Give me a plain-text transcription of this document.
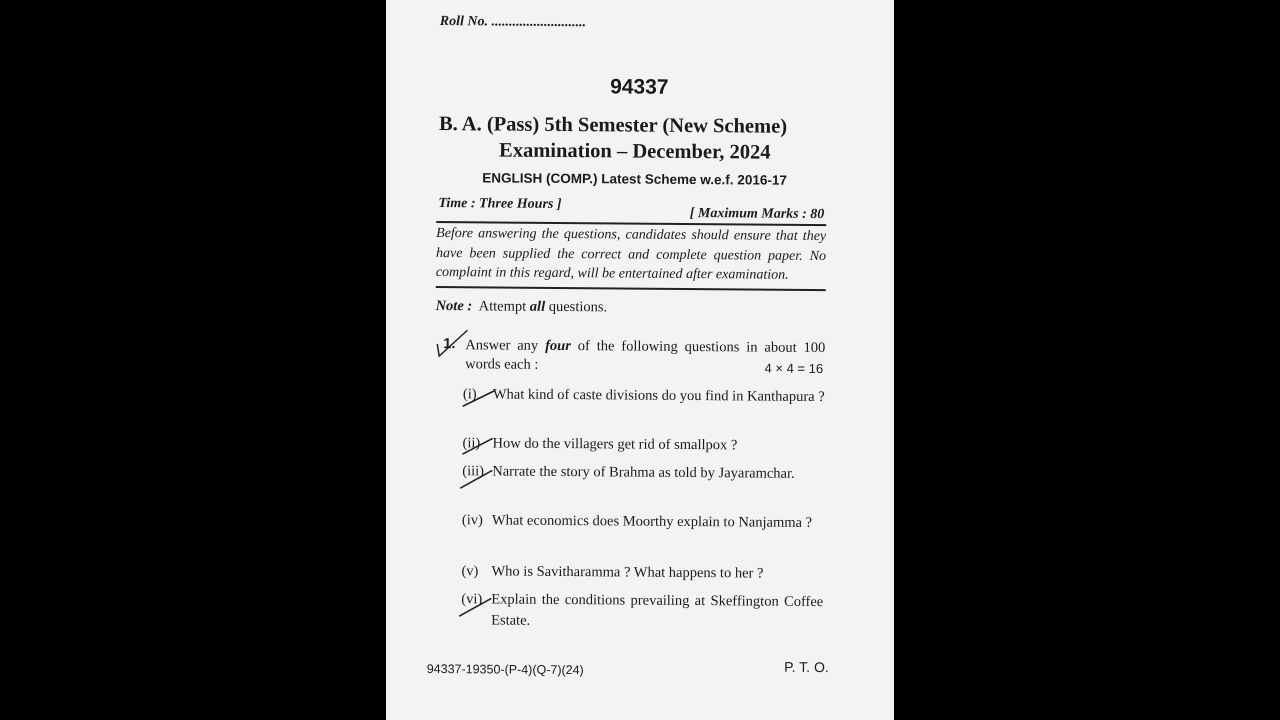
Roll No. ...........................
94337
B. A. (Pass) 5th Semester (New Scheme)
Examination – December, 2024
ENGLISH (COMP.) Latest Scheme w.e.f. 2016-17
Time : Three Hours ]
[ Maximum Marks : 80
Before answering the questions, candidates should ensure that they have been supplied the correct and complete question paper. No complaint in this regard, will be entertained after examination.
Note : Attempt all questions.
1. Answer any four of the following questions in about 100 words each :	4 × 4 = 16
(i)	What kind of caste divisions do you find in Kanthapura ?
(ii) How do the villagers get rid of smallpox ?
(iii) Narrate the story of Brahma as told by Jayaramchar.
(iv) What economics does Moorthy explain to Nanjamma ?
(v) Who is Savitharamma ? What happens to her ?
(vi) Explain the conditions prevailing at Skeffington Coffee Estate.
94337-19350-(P-4)(Q-7)(24)	P. T. O.
